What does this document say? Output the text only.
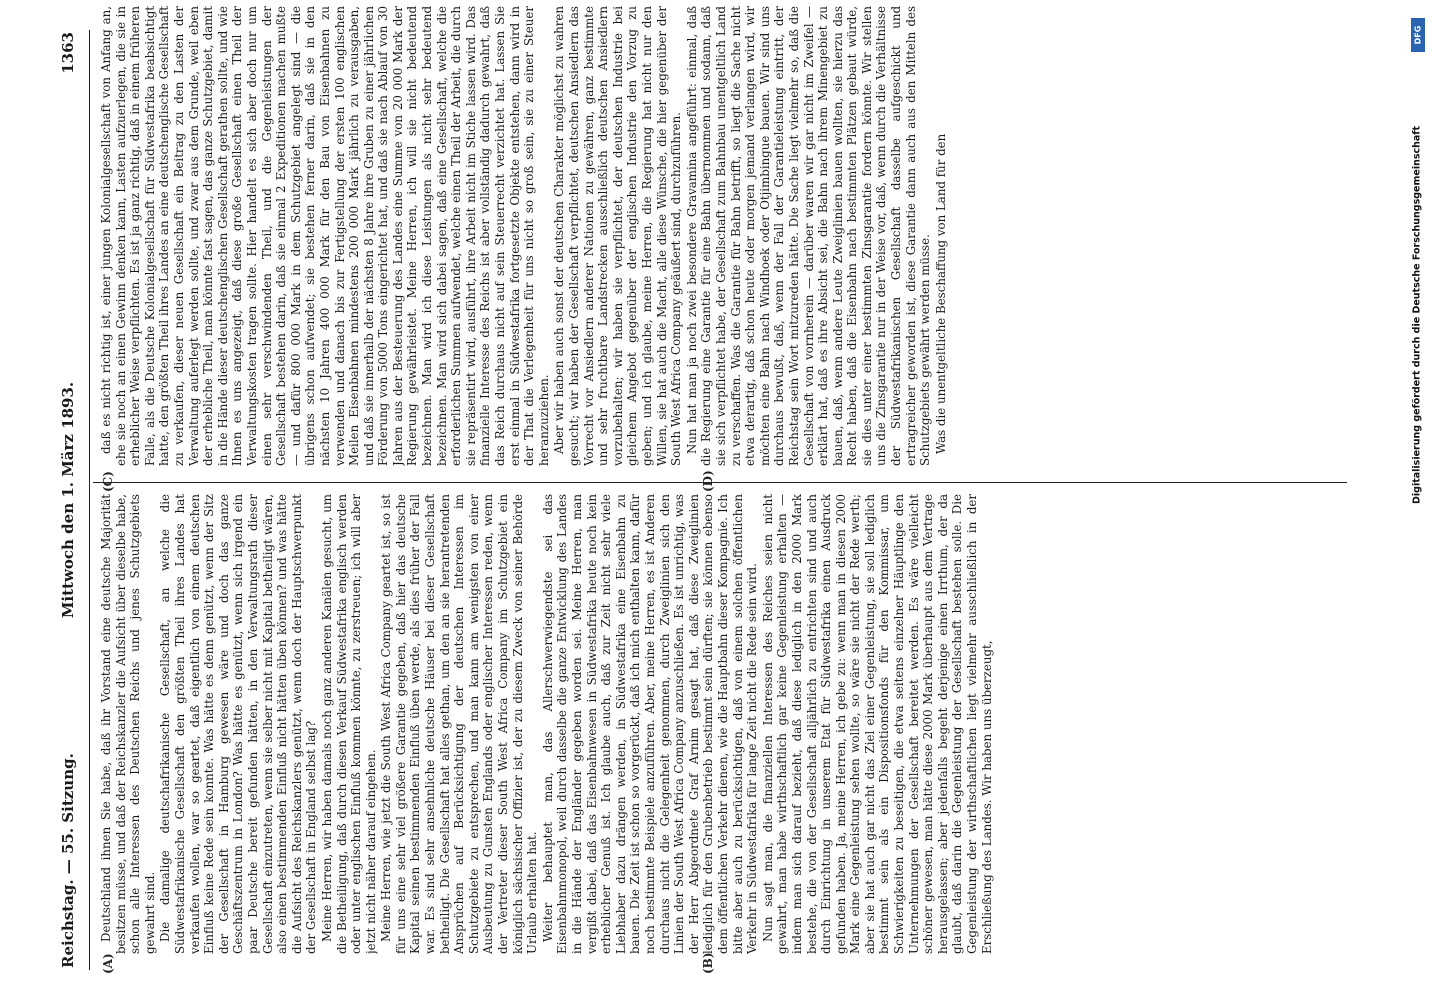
Reichstag. — 55. Sitzung.
Mittwoch den 1. März 1893.
1363
(A)	(B)
(C)	(D)

Deutschland ihnen Sie habe, daß ihr Vorstand eine deutsche Majorität besitzen müsse, und daß der Reichskanzler die Aufsicht über dieselbe habe, schon alle Interessen des Deutschen Reichs und jenes Schutzgebiets gewahrt sind. Die damalige deutschafrikanische Gesellschaft, an welche die Südwestafrikanische Gesellschaft den größten Theil ihres Landes hat verkaufen wollen, war so geartet, daß eigentlich von einem deutschen Einfluß keine Rede sein konnte. Was hätte es denn genützt, wenn der Sitz der Gesellschaft in Hamburg gewesen wäre und doch das ganze Geschäftszentrum in London? Was hätte es genützt, wenn sich irgend ein paar Deutsche bereit gefunden hätten, in den Verwaltungsrath dieser Gesellschaft einzutreten, wenn sie selber nicht mit Kapital betheiligt wären, also einen bestimmenden Einfluß nicht hätten üben können? und was hätte die Aufsicht des Reichskanzlers genützt, wenn doch der Hauptschwerpunkt der Gesellschaft in England selbst lag? Meine Herren, wir haben damals noch ganz anderen Kanälen gesucht, um die Betheiligung, daß durch diesen Verkauf Südwestafrika englisch werden oder unter englischen Einfluß kommen könnte, zu zerstreuen; ich will aber jetzt nicht näher darauf eingehen. Meine Herren, wie jetzt die South West Africa Company geartet ist, so ist für uns eine sehr viel größere Garantie gegeben, daß hier das deutsche Kapital seinen bestimmenden Einfluß üben werde, als dies früher der Fall war. Es sind sehr ansehnliche deutsche Häuser bei dieser Gesellschaft betheiligt. Die Gesellschaft hat alles gethan, um den an sie herantretenden Ansprüchen auf Berücksichtigung der deutschen Interessen im Schutzgebiete zu entsprechen, und man kann am wenigsten von einer Ausbeutung zu Gunsten Englands oder englischer Interessen reden, wenn der Vertreter dieser South West Africa Company im Schutzgebiet ein königlich sächsischer Offizier ist, der zu diesem Zweck von seiner Behörde Urlaub erhalten hat. Weiter behauptet man, das Allerschwerwiegendste sei das Eisenbahnmonopol, weil durch dasselbe die ganze Entwicklung des Landes in die Hände der Engländer gegeben worden sei. Meine Herren, man vergißt dabei, daß das Eisenbahnwesen in Südwestafrika heute noch kein erheblicher Genuß ist. Ich glaube auch, daß zur Zeit nicht sehr viele Liebhaber dazu drängen werden, in Südwestafrika eine Eisenbahn zu bauen. Die Zeit ist schon so vorgerückt, daß ich mich enthalten kann, dafür noch bestimmte Beispiele anzuführen. Aber, meine Herren, es ist Anderen durchaus nicht die Gelegenheit genommen, durch Zweiglinien sich den Linien der South West Africa Company anzuschließen. Es ist unrichtig, was der Herr Abgeordnete Graf Arnim gesagt hat, daß diese Zweiglinien lediglich für den Grubenbetrieb bestimmt sein dürften; sie können ebenso dem öffentlichen Verkehr dienen, wie die Hauptbahn dieser Kompagnie. Ich bitte aber auch zu berücksichtigen, daß von einem solchen öffentlichen Verkehr in Südwestafrika für lange Zeit nicht die Rede sein wird. Nun sagt man, die finanziellen Interessen des Reiches seien nicht gewahrt, man habe wirthschaftlich gar keine Gegenleistung erhalten — indem man sich darauf bezieht, daß diese lediglich in den 2000 Mark bestehe, die von der Gesellschaft alljährlich zu entrichten sind und auch durch Einrichtung in unserem Etat für Südwestafrika einen Ausdruck gefunden haben. Ja, meine Herren, ich gebe zu: wenn man in diesen 2000 Mark eine Gegenleistung sehen wollte, so wäre sie nicht der Rede werth; aber sie hat auch gar nicht das Ziel einer Gegenleistung, sie soll lediglich bestimmt sein als ein Dispositionsfonds für den Kommissar, um Schwierigkeiten zu beseitigen, die etwa seitens einzelner Häuptlinge den Unternehmungen der Gesellschaft bereitet werden. Es wäre vielleicht schöner gewesen, man hätte diese 2000 Mark überhaupt aus dem Vertrage herausgelassen; aber jedenfalls begeht derjenige einen Irrthum, der da glaubt, daß darin die Gegenleistung der Gesellschaft bestehen solle. Die Gegenleistung der wirthschaftlichen liegt vielmehr ausschließlich in der Erschließung des Landes. Wir haben uns überzeugt,

daß es nicht richtig ist, einer jungen Kolonialgesellschaft von Anfang an, ehe sie noch an einen Gewinn denken kann, Lasten aufzuerlegen, die sie in erheblicher Weise verpflichten. Es ist ja ganz richtig, daß in einem früheren Falle, als die Deutsche Kolonialgesellschaft für Südwestafrika beabsichtigt hatte, den größten Theil ihres Landes an eine deutschenglische Gesellschaft zu verkaufen, dieser neuen Gesellschaft ein Beitrag zu den Lasten der Verwaltung auferlegt werden sollte, und zwar aus dem Grunde, weil eben der erhebliche Theil, man könnte fast sagen, das ganze Schutzgebiet, damit in die Hände dieser deutschenglischen Gesellschaft gerathen sollte, und wie Ihnen es uns angezeigt, daß diese große Gesellschaft einen Theil der Verwaltungskosten tragen sollte. Hier handelt es sich aber doch nur um einen sehr verschwindenden Theil, und die Gegenleistungen der Gesellschaft bestehen darin, daß sie einmal 2 Expeditionen machen mußte — und dafür 800 000 Mark in dem Schutzgebiet angelegt sind — die übrigens schon aufwendet; sie bestehen ferner darin, daß sie in den nächsten 10 Jahren 400 000 Mark für den Bau von Eisenbahnen zu verwenden und danach bis zur Fertigstellung der ersten 100 englischen Meilen Eisenbahnen mindestens 200 000 Mark jährlich zu verausgaben, und daß sie innerhalb der nächsten 8 Jahre ihre Gruben zu einer jährlichen Förderung von 5000 Tons eingerichtet hat, und daß sie nach Ablauf von 30 Jahren aus der Besteuerung des Landes eine Summe von 20 000 Mark der Regierung gewährleistet. Meine Herren, ich will sie nicht bedeutend bezeichnen. Man wird ich diese Leistungen als nicht sehr bedeutend bezeichnen. Man wird sich dabei sagen, daß eine Gesellschaft, welche die erforderlichen Summen aufwendet, welche einen Theil der Arbeit, die durch sie repräsentirt wird, ausführt, ihre Arbeit nicht im Stiche lassen wird. Das finanzielle Interesse des Reichs ist aber vollständig dadurch gewahrt, daß das Reich durchaus nicht auf sein Steuerrecht verzichtet hat. Lassen Sie erst einmal in Südwestafrika fortgesetzte Objekte entstehen, dann wird in der That die Verlegenheit für uns nicht so groß sein, sie zu einer Steuer heranzuziehen. Aber wir haben auch sonst der deutschen Charakter möglichst zu wahren gesucht; wir haben der Gesellschaft verpflichtet, deutschen Ansiedlern das Vorrecht vor Ansiedlern anderer Nationen zu gewähren, ganz bestimmte und sehr fruchtbare Landstrecken ausschließlich deutschen Ansiedlern vorzubehalten; wir haben sie verpflichtet, der deutschen Industrie bei gleichem Angebot gegenüber der englischen Industrie den Vorzug zu geben; und ich glaube, meine Herren, die Regierung hat nicht nur den Willen, sie hat auch die Macht, alle diese Wünsche, die hier gegenüber der South West Africa Company geäußert sind, durchzuführen. Nun hat man ja noch zwei besondere Gravamina angeführt: einmal, daß die Regierung eine Garantie für eine Bahn übernommen und sodann, daß sie sich verpflichtet habe, der Gesellschaft zum Bahnbau unentgeltlich Land zu verschaffen. Was die Garantie für Bahn betrifft, so liegt die Sache nicht etwa derartig, daß schon heute oder morgen jemand verlangen wird, wir möchten eine Bahn nach Windhoek oder Otjimbingue bauen. Wir sind uns durchaus bewußt, daß, wenn der Fall der Garantieleistung eintritt, der Reichstag sein Wort mitzureden hätte. Die Sache liegt vielmehr so, daß die Gesellschaft von vornherein — darüber waren wir gar nicht im Zweifel — erklärt hat, daß es ihre Absicht sei, die Bahn nach ihrem Minengebiet zu bauen, daß, wenn andere Leute Zweiglinien bauen wollten, sie hierzu das Recht haben, daß die Eisenbahn nach bestimmten Plätzen gebaut würde, sie dies unter einer bestimmten Zinsgarantie fordern könnte. Wir stellen uns die Zinsgarantie nur in der Weise vor, daß, wenn durch die Verhältnisse der Südwestafrikanischen Gesellschaft dasselbe aufgeschickt und ertragreicher geworden ist, diese Garantie dann auch aus den Mitteln des Schutzgebiets gewährt werden müsse. Was die unentgeltliche Beschaffung von Land für den

DFG
Digitalisierung gefördert durch die Deutsche Forschungsgemeinschaft
